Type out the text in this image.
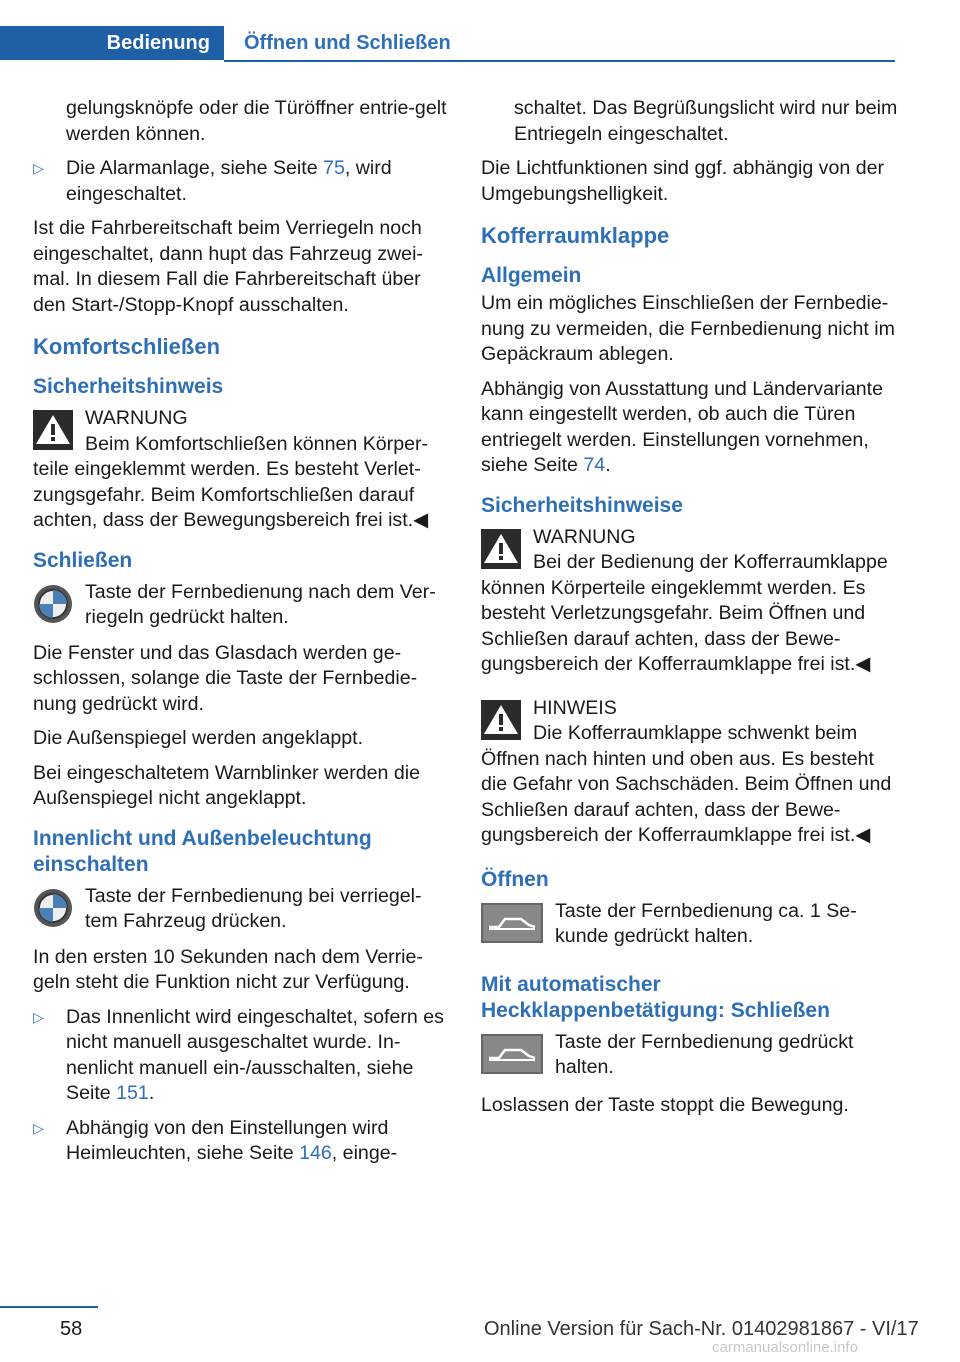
Bedienung	Öffnen und Schließen

gelungsknöpfe oder die Türöffner entrie‐gelt werden können.

▷ Die Alarmanlage, siehe Seite 75, wird eingeschaltet.

Ist die Fahrbereitschaft beim Verriegeln noch eingeschaltet, dann hupt das Fahrzeug zwei‐mal. In diesem Fall die Fahrbereitschaft über den Start-/Stopp-Knopf ausschalten.

Komfortschließen
Sicherheitshinweis
WARNUNG
Beim Komfortschließen können Körper‐teile eingeklemmt werden. Es besteht Verlet‐zungsgefahr. Beim Komfortschließen darauf achten, dass der Bewegungsbereich frei ist.◀
Schließen
Taste der Fernbedienung nach dem Ver‐riegeln gedrückt halten.

Die Fenster und das Glasdach werden ge‐schlossen, solange die Taste der Fernbedie‐nung gedrückt wird.

Die Außenspiegel werden angeklappt.

Bei eingeschaltetem Warnblinker werden die Außenspiegel nicht angeklappt.

Innenlicht und Außenbeleuchtung einschalten
Taste der Fernbedienung bei verriegel‐tem Fahrzeug drücken.

In den ersten 10 Sekunden nach dem Verrie‐geln steht die Funktion nicht zur Verfügung.

▷ Das Innenlicht wird eingeschaltet, sofern es nicht manuell ausgeschaltet wurde. In‐nenlicht manuell ein-/ausschalten, siehe Seite 151.
▷ Abhängig von den Einstellungen wird Heimleuchten, siehe Seite 146, einge‐

schaltet. Das Begrüßungslicht wird nur beim Entriegeln eingeschaltet.

Die Lichtfunktionen sind ggf. abhängig von der Umgebungshelligkeit.

Kofferraumklappe
Allgemein

Um ein mögliches Einschließen der Fernbedie‐nung zu vermeiden, die Fernbedienung nicht im Gepäckraum ablegen.

Abhängig von Ausstattung und Ländervariante kann eingestellt werden, ob auch die Türen entriegelt werden. Einstellungen vornehmen, siehe Seite 74.

Sicherheitshinweise
WARNUNG
Bei der Bedienung der Kofferraumklappe können Körperteile eingeklemmt werden. Es besteht Verletzungsgefahr. Beim Öffnen und Schließen darauf achten, dass der Bewe‐gungsbereich der Kofferraumklappe frei ist.◀
HINWEIS
Die Kofferraumklappe schwenkt beim Öffnen nach hinten und oben aus. Es besteht die Gefahr von Sachschäden. Beim Öffnen und Schließen darauf achten, dass der Bewe‐gungsbereich der Kofferraumklappe frei ist.◀
Öffnen
Taste der Fernbedienung ca. 1 Se‐kunde gedrückt halten.
Mit automatischer Heckklappenbetätigung: Schließen
Taste der Fernbedienung gedrückt halten.

Loslassen der Taste stoppt die Bewegung.

58	Online Version für Sach-Nr. 01402981867 - VI/17
carmanualsonline.info
